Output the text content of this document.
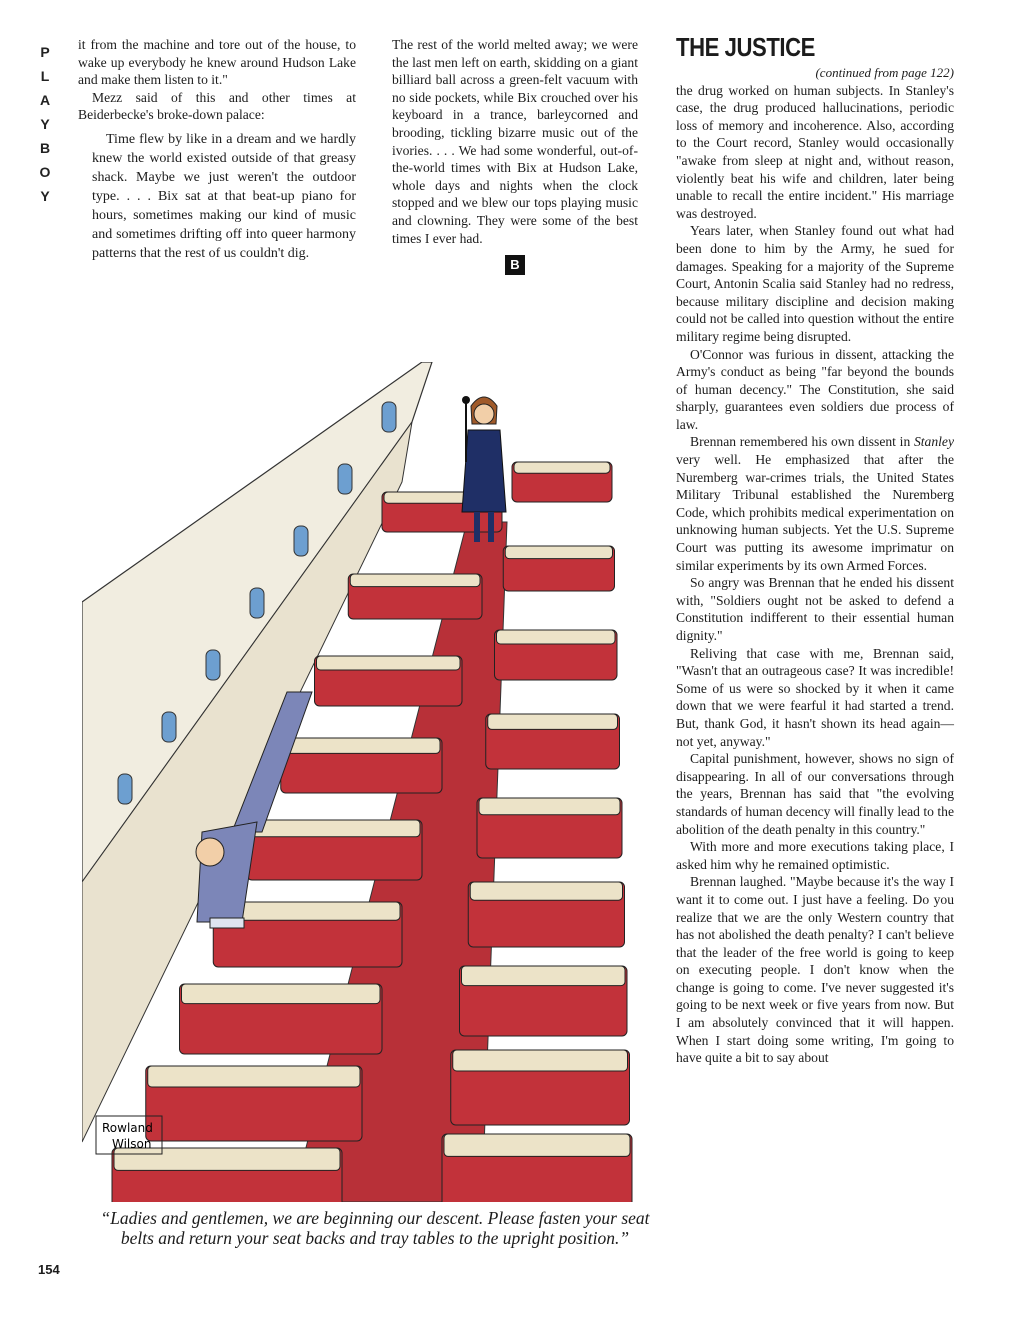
P
L
A
Y
B
O
Y

it from the machine and tore out of the house, to wake up everybody he knew around Hudson Lake and make them listen to it."

Mezz said of this and other times at Beiderbecke's broke-down palace:

Time flew by like in a dream and we hardly knew the world existed outside of that greasy shack. Maybe we just weren't the outdoor type. . . . Bix sat at that beat-up piano for hours, sometimes making our kind of music and sometimes drifting off into queer harmony patterns that the rest of us couldn't dig.

The rest of the world melted away; we were the last men left on earth, skidding on a giant billiard ball across a green-felt vacuum with no side pockets, while Bix crouched over his keyboard in a trance, barleycorned and brooding, tickling bizarre music out of the ivories. . . . We had some wonderful, out-of-the-world times with Bix at Hudson Lake, whole days and nights when the clock stopped and we blew our tops playing music and clowning. They were some of the best times I ever had.

B
THE JUSTICE

(continued from page 122)

the drug worked on human subjects. In Stanley's case, the drug produced hallucinations, periodic loss of memory and incoherence. Also, according to the Court record, Stanley would occasionally "awake from sleep at night and, without reason, violently beat his wife and children, later being unable to recall the entire incident." His marriage was destroyed.

Years later, when Stanley found out what had been done to him by the Army, he sued for damages. Speaking for a majority of the Supreme Court, Antonin Scalia said Stanley had no redress, because military discipline and decision making could not be called into question without the entire military regime being disrupted.

O'Connor was furious in dissent, attacking the Army's conduct as being "far beyond the bounds of human decency." The Constitution, she said sharply, guarantees even soldiers due process of law.

Brennan remembered his own dissent in Stanley very well. He emphasized that after the Nuremberg war-crimes trials, the United States Military Tribunal established the Nuremberg Code, which prohibits medical experimentation on unknowing human subjects. Yet the U.S. Supreme Court was putting its awesome imprimatur on similar experiments by its own Armed Forces.

So angry was Brennan that he ended his dissent with, "Soldiers ought not be asked to defend a Constitution indifferent to their essential human dignity."

Reliving that case with me, Brennan said, "Wasn't that an outrageous case? It was incredible! Some of us were so shocked by it when it came down that we were fearful it had started a trend. But, thank God, it hasn't shown its head again—not yet, anyway."

Capital punishment, however, shows no sign of disappearing. In all of our conversations through the years, Brennan has said that "the evolving standards of human decency will finally lead to the abolition of the death penalty in this country."

With more and more executions taking place, I asked him why he remained optimistic.

Brennan laughed. "Maybe because it's the way I want it to come out. I just have a feeling. Do you realize that we are the only Western country that has not abolished the death penalty? I can't believe that the leader of the free world is going to keep on executing people. I don't know when the change is going to come. I've never suggested it's going to be next week or five years from now. But I am absolutely convinced that it will happen. When I start doing some writing, I'm going to have quite a bit to say about

Rowland
Wilson
“Ladies and gentlemen, we are beginning our descent. Please fasten your seat belts and return your seat backs and tray tables to the upright position.”
154
